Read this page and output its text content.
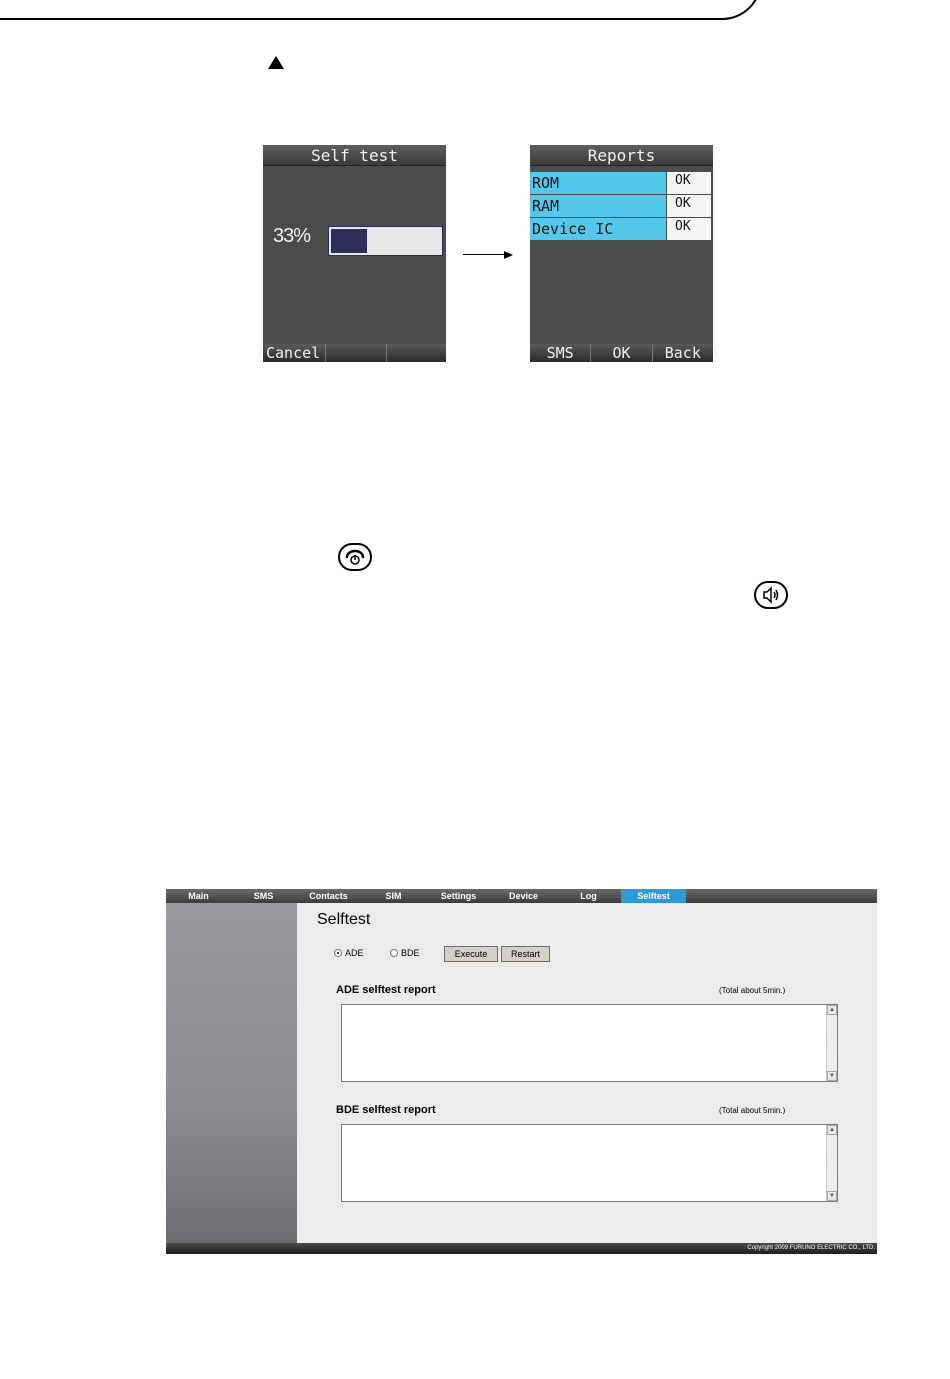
Self test
33%
Cancel
Reports
ROM	OK
RAM	OK
Device IC	OK
SMS	OK	Back
Main	SMS	Contacts	SIM	Settings	Device	Log	Selftest
Selftest
ADE	BDE	Execute	Restart
ADE selftest report	(Total about 5min.)
▲
▼
BDE selftest report	(Total about 5min.)
▲
▼
Copyright 2009 FURUNO ELECTRIC CO., LTD.
